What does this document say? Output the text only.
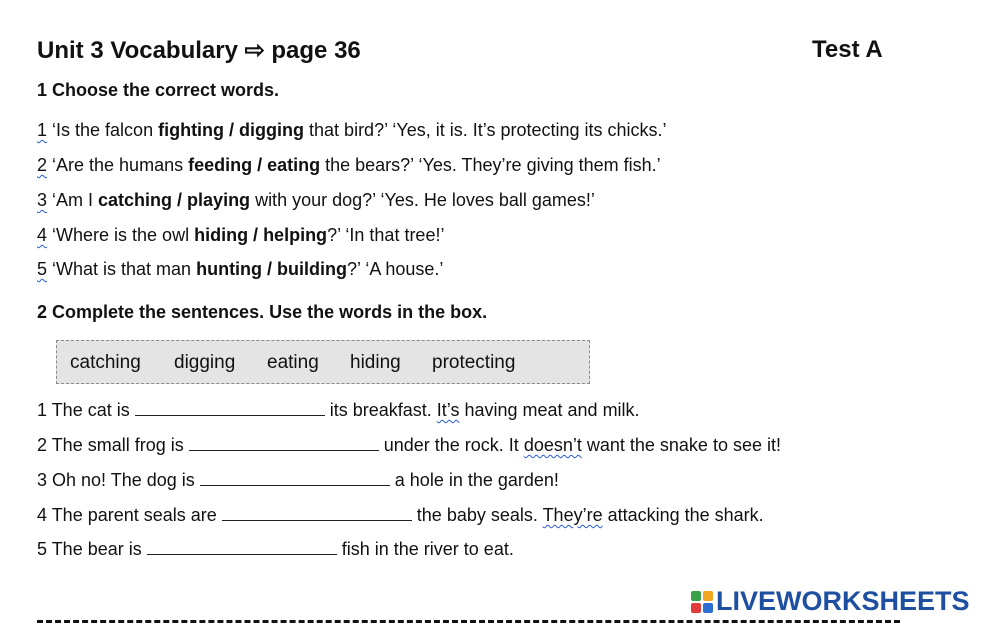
Unit 3 Vocabulary ⇨ page 36	Test A
1 Choose the correct words.
1 ‘Is the falcon fighting / digging that bird?’ ‘Yes, it is. It’s protecting its chicks.’
2 ‘Are the humans feeding / eating the bears?’ ‘Yes. They’re giving them fish.’
3 ‘Am I catching / playing with your dog?’ ‘Yes. He loves ball games!’
4 ‘Where is the owl hiding / helping?’ ‘In that tree!’
5 ‘What is that man hunting / building?’ ‘A house.’
2 Complete the sentences. Use the words in the box.
catching digging eating hiding protecting
1 The cat is	its breakfast. It’s having meat and milk.
2 The small frog is	under the rock. It doesn’t want the snake to see it!
3 Oh no! The dog is	a hole in the garden!
4 The parent seals are	the baby seals. They’re attacking the shark.
5 The bear is	fish in the river to eat.
LIVEWORKSHEETS
